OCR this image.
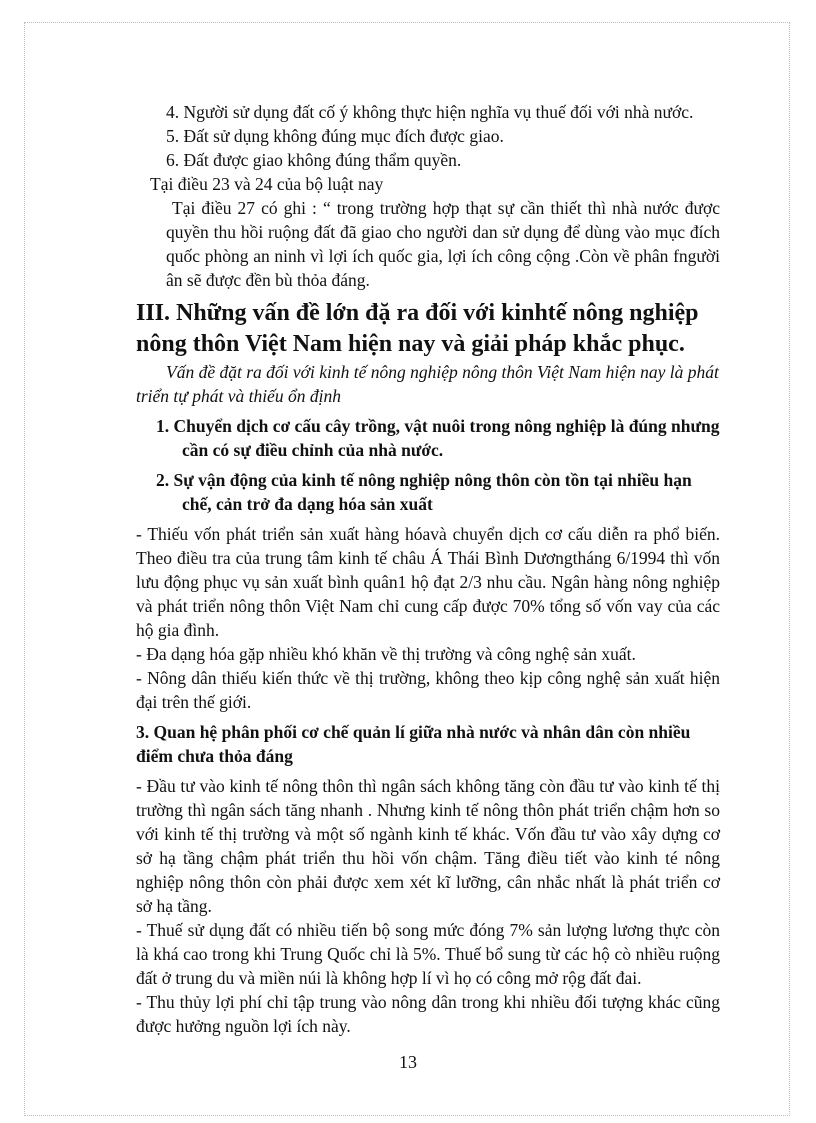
4. Người sử dụng đất cố ý không thực hiện nghĩa vụ thuế đối với nhà nước.

5. Đất sử dụng không đúng mục đích được giao.

6. Đất được giao không đúng thẩm quyền.

Tại điều 23 và 24 của bộ luật nay

Tại điều 27 có ghi : “ trong trường hợp thạt sự cần thiết thì nhà nước được quyền thu hồi ruộng đất đã giao cho người dan sử dụng để dùng vào mục đích quốc phòng an ninh vì lợi ích quốc gia, lợi ích công cộng .Còn về phân fngười ân sẽ được đền bù thỏa đáng.

III. Những vấn đề lớn đặ ra đối với kinhtế nông nghiệp nông thôn Việt Nam hiện nay và giải pháp khắc phục.

Vấn đề đặt ra đối với kinh tế nông nghiệp nông thôn Việt Nam hiện nay là phát triển tự phát và thiếu ổn định

1. Chuyển dịch cơ cấu cây trồng, vật nuôi trong nông nghiệp là đúng nhưng cần có sự điều chỉnh của nhà nước.

2. Sự vận động của kinh tế nông nghiệp nông thôn còn tồn tại nhiều hạn chế, cản trở đa dạng hóa sản xuất

- Thiếu vốn phát triển sản xuất hàng hóavà chuyển dịch cơ cấu diễn ra phổ biến. Theo điều tra của trung tâm kinh tế châu Á Thái Bình Dươngtháng 6/1994 thì vốn lưu động phục vụ sản xuất bình quân1 hộ đạt 2/3 nhu cầu. Ngân hàng nông nghiệp và phát triển nông thôn Việt Nam chỉ cung cấp được 70% tổng số vốn vay của các hộ gia đình.

- Đa dạng hóa gặp nhiều khó khăn về thị trường và công nghệ sản xuất.

- Nông dân thiếu kiến thức về thị trường, không theo kịp công nghệ sản xuất hiện đại trên thế giới.

3. Quan hệ phân phối cơ chế quản lí giữa nhà nước và nhân dân còn nhiều điểm chưa thỏa đáng

- Đầu tư vào kinh tế nông thôn thì ngân sách không tăng còn đầu tư vào kinh tế thị trường thì ngân sách tăng nhanh . Nhưng kinh tế nông thôn phát triển chậm hơn so với kinh tế thị trường và một số ngành kinh tế khác. Vốn đầu tư vào xây dựng cơ sở hạ tầng chậm phát triển thu hồi vốn chậm. Tăng điều tiết vào kinh té nông nghiệp nông thôn còn phải được xem xét kĩ lưỡng, cân nhắc nhất là phát triển cơ sở hạ tầng.

- Thuế sử dụng đất có nhiều tiến bộ song mức đóng 7% sản lượng lương thực còn là khá cao trong khi Trung Quốc chỉ là 5%. Thuế bổ sung từ các hộ cò nhiều ruộng đất ở trung du và miền núi là không hợp lí vì họ có công mở rộg đất đai.

- Thu thủy lợi phí chỉ tập trung vào nông dân trong khi nhiều đối tượng khác cũng được hưởng nguồn lợi ích này.

13
